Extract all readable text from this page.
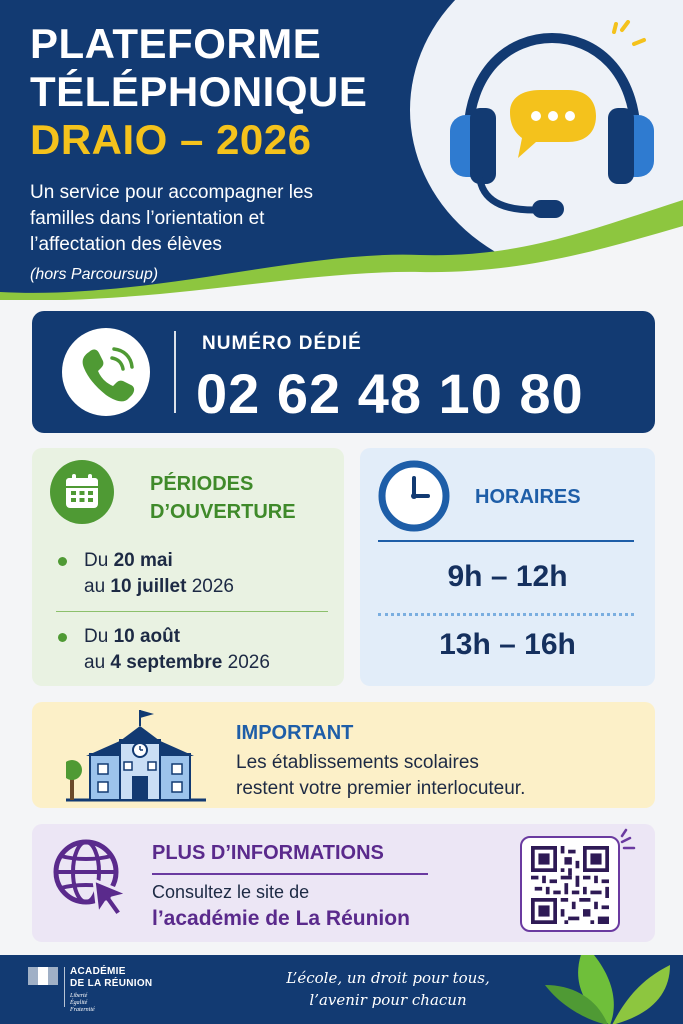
PLATEFORME
TÉLÉPHONIQUE
DRAIO – 2026
Un service pour accompagner les familles dans l’orientation et l’affectation des élèves
(hors Parcoursup)
NUMÉRO DÉDIÉ
02 62 48 10 80
PÉRIODES D’OUVERTURE
Du 20 mai
au 10 juillet 2026
Du 10 août
au 4 septembre 2026
HORAIRES
9h – 12h
13h – 16h
IMPORTANT
Les établissements scolaires
restent votre premier interlocuteur.
PLUS D’INFORMATIONS
Consultez le site de
l’académie de La Réunion
ACADÉMIE
DE LA RÉUNION
Liberté
Égalité
Fraternité
L’école, un droit pour tous,
l’avenir pour chacun
